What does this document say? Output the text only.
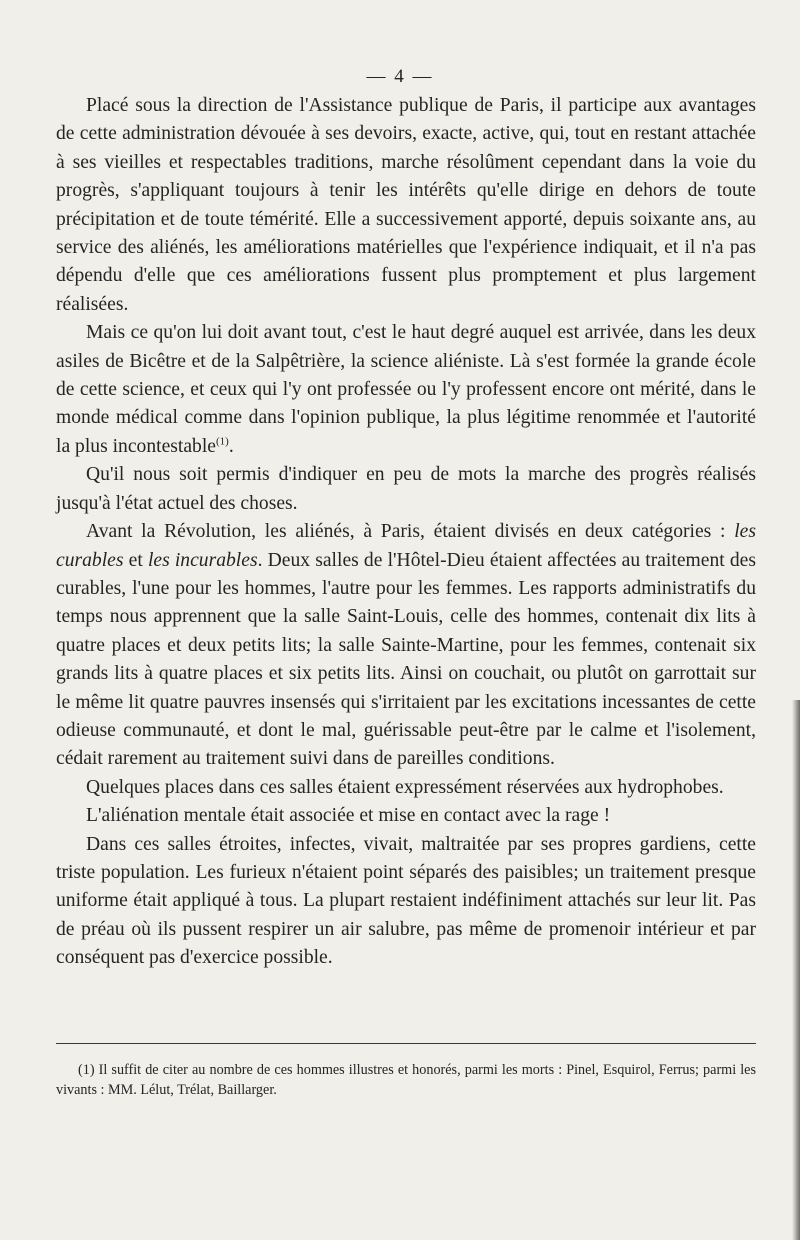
— 4 —

Placé sous la direction de l'Assistance publique de Paris, il participe aux avantages de cette administration dévouée à ses devoirs, exacte, active, qui, tout en restant attachée à ses vieilles et respectables traditions, marche résolûment cependant dans la voie du progrès, s'appliquant toujours à tenir les intérêts qu'elle dirige en dehors de toute précipitation et de toute témérité. Elle a successivement apporté, depuis soixante ans, au service des aliénés, les améliorations matérielles que l'expérience indiquait, et il n'a pas dépendu d'elle que ces améliorations fussent plus promptement et plus largement réalisées.

Mais ce qu'on lui doit avant tout, c'est le haut degré auquel est arrivée, dans les deux asiles de Bicêtre et de la Salpêtrière, la science aliéniste. Là s'est formée la grande école de cette science, et ceux qui l'y ont professée ou l'y professent encore ont mérité, dans le monde médical comme dans l'opinion publique, la plus légitime renommée et l'autorité la plus incontestable$^{(1)}$.

Qu'il nous soit permis d'indiquer en peu de mots la marche des progrès réalisés jusqu'à l'état actuel des choses.

Avant la Révolution, les aliénés, à Paris, étaient divisés en deux catégories : les curables et les incurables. Deux salles de l'Hôtel-Dieu étaient affectées au traitement des curables, l'une pour les hommes, l'autre pour les femmes. Les rapports administratifs du temps nous apprennent que la salle Saint-Louis, celle des hommes, contenait dix lits à quatre places et deux petits lits; la salle Sainte-Martine, pour les femmes, contenait six grands lits à quatre places et six petits lits. Ainsi on couchait, ou plutôt on garrottait sur le même lit quatre pauvres insensés qui s'irritaient par les excitations incessantes de cette odieuse communauté, et dont le mal, guérissable peut-être par le calme et l'isolement, cédait rarement au traitement suivi dans de pareilles conditions.

Quelques places dans ces salles étaient expressément réservées aux hydrophobes.

L'aliénation mentale était associée et mise en contact avec la rage !

Dans ces salles étroites, infectes, vivait, maltraitée par ses propres gardiens, cette triste population. Les furieux n'étaient point séparés des paisibles; un traitement presque uniforme était appliqué à tous. La plupart restaient indéfiniment attachés sur leur lit. Pas de préau où ils pussent respirer un air salubre, pas même de promenoir intérieur et par conséquent pas d'exercice possible.

(1) Il suffit de citer au nombre de ces hommes illustres et honorés, parmi les morts : Pinel, Esquirol, Ferrus; parmi les vivants : MM. Lélut, Trélat, Baillarger.
